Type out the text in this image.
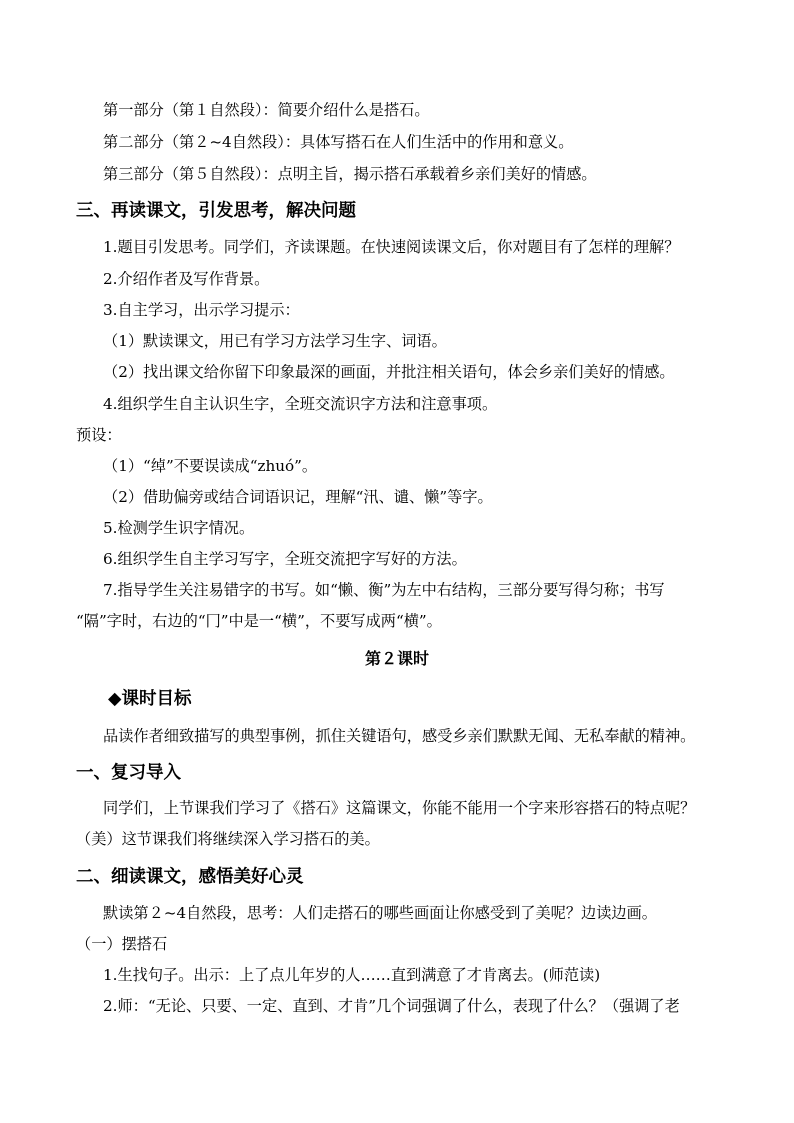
第一部分（第１自然段）：简要介绍什么是搭石。
第二部分（第２~4自然段）：具体写搭石在人们生活中的作用和意义。
第三部分（第５自然段）：点明主旨，揭示搭石承载着乡亲们美好的情感。
三、再读课文，引发思考，解决问题
1.题目引发思考。同学们，齐读课题。在快速阅读课文后，你对题目有了怎样的理解？
2.介绍作者及写作背景。
3.自主学习，出示学习提示：
（1）默读课文，用已有学习方法学习生字、词语。
（2）找出课文给你留下印象最深的画面，并批注相关语句，体会乡亲们美好的情感。
4.组织学生自主认识生字，全班交流识字方法和注意事项。
预设：
（1）“绰”不要误读成“zhuó”。
（2）借助偏旁或结合词语识记，理解“汛、谴、懒”等字。
5.检测学生识字情况。
6.组织学生自主学习写字，全班交流把字写好的方法。
7.指导学生关注易错字的书写。如“懒、衡”为左中右结构，三部分要写得匀称；书写
“隔”字时，右边的“冂”中是一“横”，不要写成两“横”。
第２课时
◆课时目标
品读作者细致描写的典型事例，抓住关键语句，感受乡亲们默默无闻、无私奉献的精神。
一、复习导入
同学们，上节课我们学习了《搭石》这篇课文，你能不能用一个字来形容搭石的特点呢？
（美）这节课我们将继续深入学习搭石的美。
二、细读课文，感悟美好心灵
默读第２~4自然段，思考：人们走搭石的哪些画面让你感受到了美呢？边读边画。
（一）摆搭石
1.生找句子。出示：上了点儿年岁的人……直到满意了才肯离去。(师范读)
2.师：“无论、只要、一定、直到、才肯”几个词强调了什么，表现了什么？（强调了老
